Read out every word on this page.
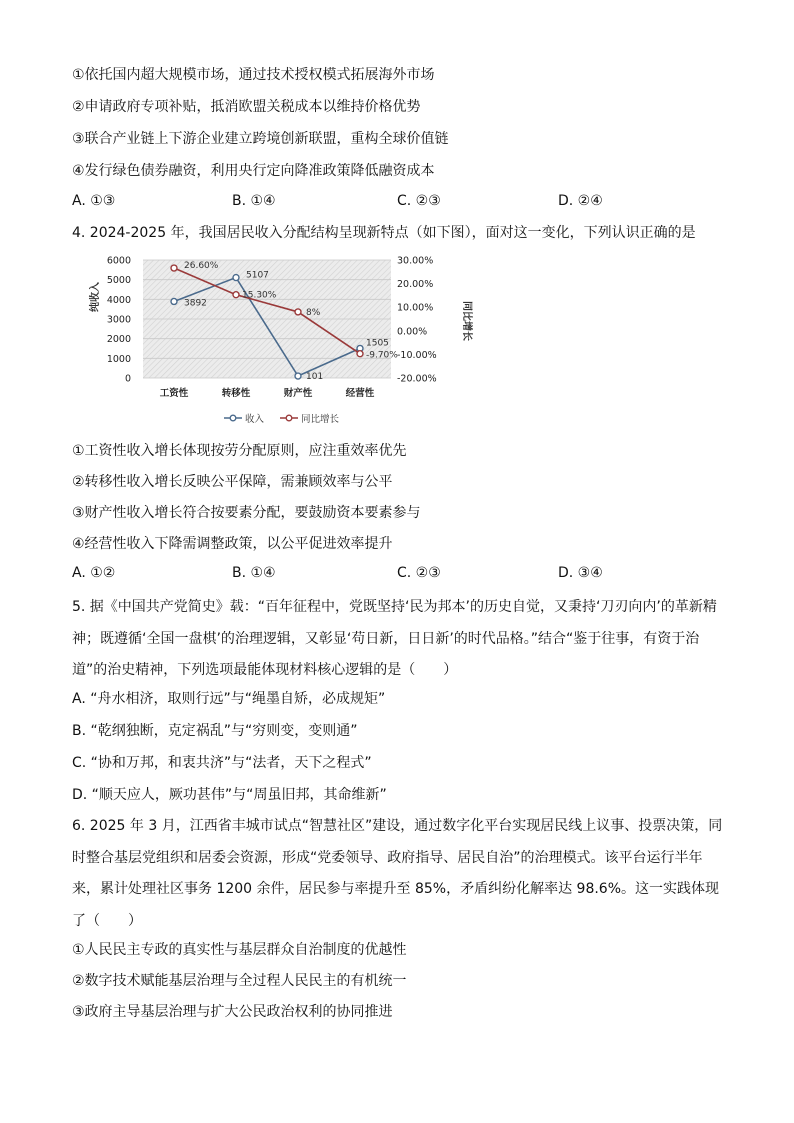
①依托国内超大规模市场，通过技术授权模式拓展海外市场
②申请政府专项补贴，抵消欧盟关税成本以维持价格优势
③联合产业链上下游企业建立跨境创新联盟，重构全球价值链
④发行绿色债券融资，利用央行定向降准政策降低融资成本
A. ①③	B. ①④	C. ②③	D. ②④
4. 2024-2025 年，我国居民收入分配结构呈现新特点（如下图），面对这一变化，下列认识正确的是
0
1000
2000
3000
4000
5000
6000
-20.00%
-10.00%
0.00%
10.00%
20.00%
30.00%
工资性	转移性	财产性	经营性
3892
5107
101
1505
26.60%
15.30%
8%
-9.70%
纯收入
同比增长
收入	同比增长
①工资性收入增长体现按劳分配原则，应注重效率优先
②转移性收入增长反映公平保障，需兼顾效率与公平
③财产性收入增长符合按要素分配，要鼓励资本要素参与
④经营性收入下降需调整政策，以公平促进效率提升
A. ①②	B. ①④	C. ②③	D. ③④
5. 据《中国共产党简史》载：“百年征程中，党既坚持‘民为邦本’的历史自觉，又秉持‘刀刃向内’的革新精神；既遵循‘全国一盘棋’的治理逻辑，又彰显‘苟日新，日日新’的时代品格。”结合“鉴于往事，有资于治道”的治史精神，下列选项最能体现材料核心逻辑的是（　　）
A. “舟水相济，取则行远”与“绳墨自矫，必成规矩”
B. “乾纲独断，克定祸乱”与“穷则变，变则通”
C. “协和万邦，和衷共济”与“法者，天下之程式”
D. “顺天应人，厥功甚伟”与“周虽旧邦，其命维新”
6. 2025 年 3 月，江西省丰城市试点“智慧社区”建设，通过数字化平台实现居民线上议事、投票决策，同时整合基层党组织和居委会资源，形成“党委领导、政府指导、居民自治”的治理模式。该平台运行半年来，累计处理社区事务 1200 余件，居民参与率提升至 85%，矛盾纠纷化解率达 98.6%。这一实践体现了（　　）
①人民民主专政的真实性与基层群众自治制度的优越性
②数字技术赋能基层治理与全过程人民民主的有机统一
③政府主导基层治理与扩大公民政治权利的协同推进
